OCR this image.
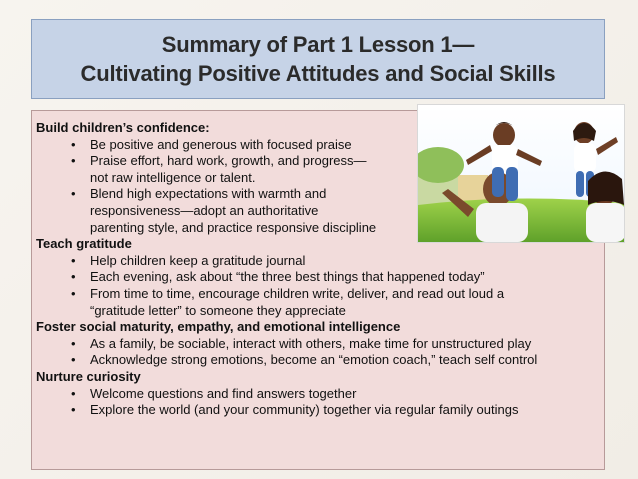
Summary of Part 1 Lesson 1—
Cultivating Positive Attitudes and Social Skills
Build children’s confidence:
• Be positive and generous with focused praise
• Praise effort, hard work, growth, and progress—
not raw intelligence or talent.
• Blend high expectations with warmth and
responsiveness—adopt an authoritative
parenting style, and practice responsive discipline
Teach gratitude
• Help children keep a gratitude journal
• Each evening, ask about “the three best things that happened today”
• From time to time, encourage children write, deliver, and read out loud a
“gratitude letter” to someone they appreciate
Foster social maturity, empathy, and emotional intelligence
• As a family, be sociable, interact with others, make time for unstructured play
• Acknowledge strong emotions, become an “emotion coach,” teach self control
Nurture curiosity
• Welcome questions and find answers together
• Explore the world (and your community) together via regular family outings
